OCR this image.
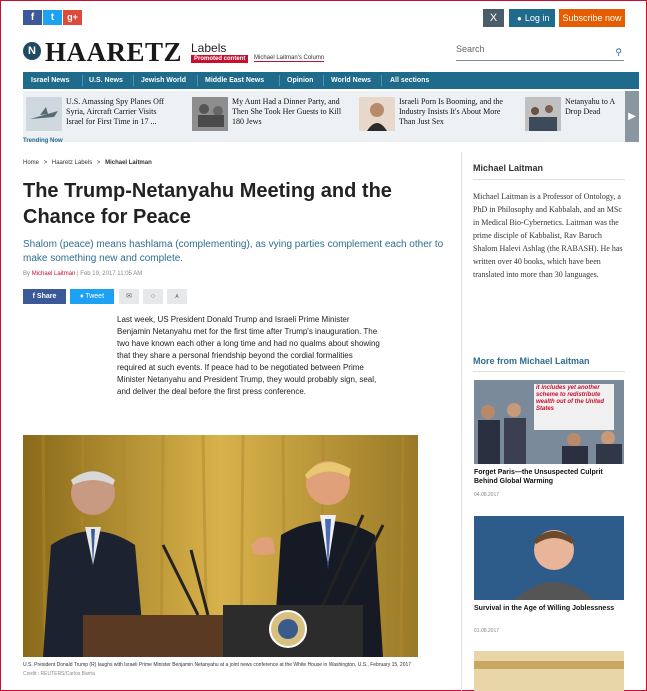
f	t	g+	X	● Log in	Subscribe now
N HAARETZ Labels
Promoted content	Michael Laitman's Column
Search	⚲
Israel News	U.S. News	Jewish World	Middle East News	Opinion	World News	All sections
U.S. Amassing Spy Planes Off Syria, Aircraft Carrier Visits Israel for First Time in 17 ...
My Aunt Had a Dinner Party, and Then She Took Her Guests to Kill 180 Jews
Israeli Porn Is Booming, and the Industry Insists It's About More Than Just Sex
Netanyahu to A Drop Dead	▶
Trending Now
Home > Haaretz Labels > Michael Laitman
The Trump-Netanyahu Meeting and the Chance for Peace
Shalom (peace) means hashlama (complementing), as vying parties complement each other to make something new and complete.
By Michael Laitman | Feb 19, 2017 11:05 AM
f Share	♦ Tweet	✉	○	ᴀ
Last week, US President Donald Trump and Israeli Prime Minister Benjamin Netanyahu met for the first time after Trump's inauguration. The two have known each other a long time and had no qualms about showing that they share a personal friendship beyond the cordial formalities required at such events. If peace had to be negotiated between Prime Minister Netanyahu and President Trump, they would probably sign, seal, and deliver the deal before the first press conference.
U.S. President Donald Trump (R) laughs with Israeli Prime Minister Benjamin Netanyahu at a joint news conference at the White House in Washington, U.S., February 15, 2017 Credit : REUTERS/Carlos Barria
Michael Laitman
Michael Laitman is a Professor of Ontology, a PhD in Philosophy and Kabbalah, and an MSc in Medical Bio-Cybernetics. Laitman was the prime disciple of Kabbalist, Rav Baruch Shalom Halevi Ashlag (the RABASH). He has written over 40 books, which have been translated into more than 30 languages.
More from Michael Laitman
it includes yet another scheme to redistribute wealth out of the United States
Forget Paris—the Unsuspected Culprit Behind Global Warming
04.08.2017
Survival in the Age of Willing Joblessness
01.08.2017
